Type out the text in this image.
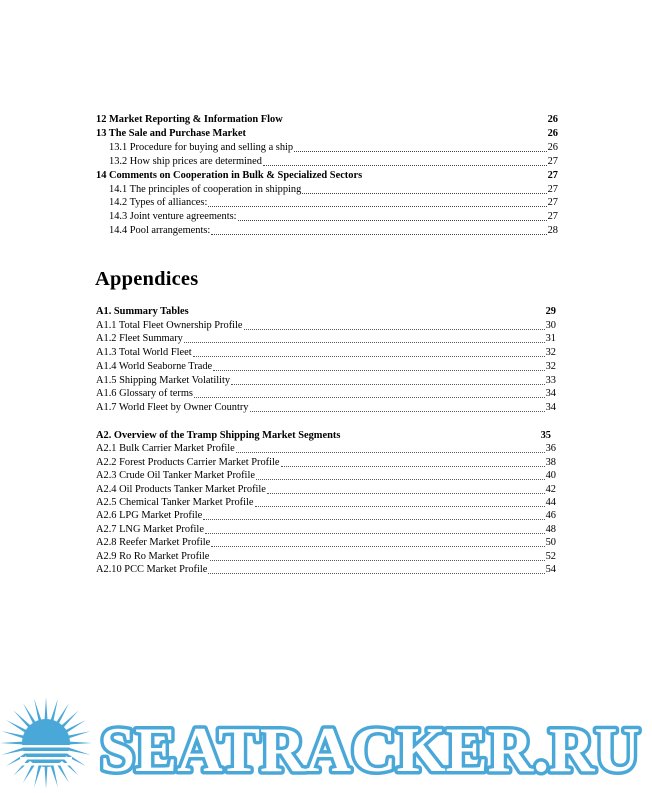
12 Market Reporting & Information Flow	26
13 The Sale and Purchase Market	26
13.1 Procedure for buying and selling a ship	26
13.2 How ship prices are determined	27
14 Comments on Cooperation in Bulk & Specialized Sectors	27
14.1 The principles of cooperation in shipping	27
14.2 Types of alliances:	27
14.3 Joint venture agreements:	27
14.4 Pool arrangements:	28
Appendices
A1. Summary Tables	29
A1.1 Total Fleet Ownership Profile	30
A1.2 Fleet Summary	31
A1.3 Total World Fleet	32
A1.4 World Seaborne Trade	32
A1.5 Shipping Market Volatility	33
A1.6 Glossary of terms	34
A1.7 World Fleet by Owner Country	34
A2. Overview of the Tramp Shipping Market Segments	35
A2.1 Bulk Carrier Market Profile	36
A2.2 Forest Products Carrier Market Profile	38
A2.3 Crude Oil Tanker Market Profile	40
A2.4 Oil Products Tanker Market Profile	42
A2.5 Chemical Tanker Market Profile	44
A2.6 LPG Market Profile	46
A2.7 LNG Market Profile	48
A2.8 Reefer Market Profile	50
A2.9 Ro Ro Market Profile	52
A2.10 PCC Market Profile	54
SEATRACKER.RU
